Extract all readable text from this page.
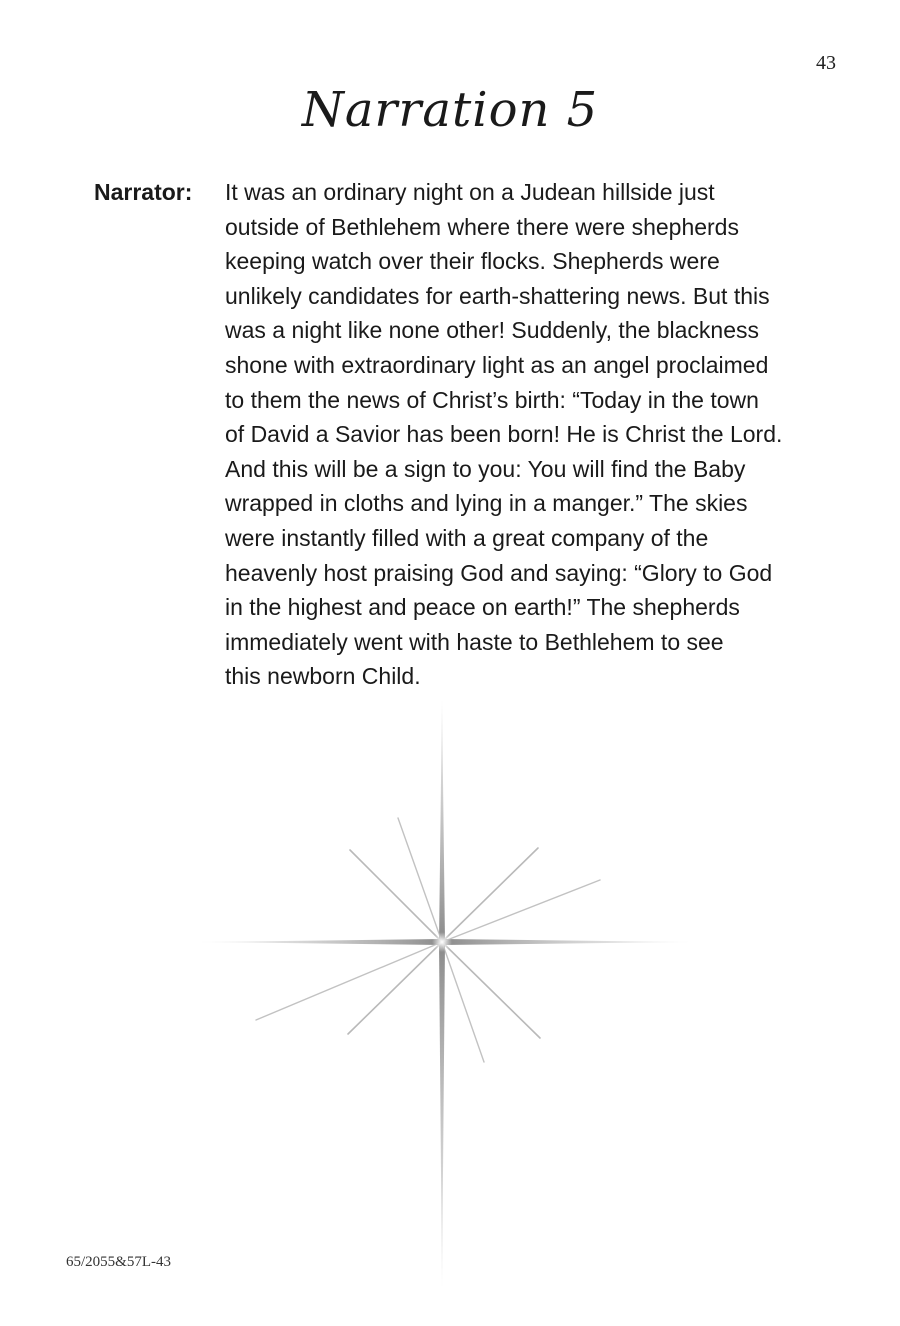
43
Narration 5
Narrator: It was an ordinary night on a Judean hillside just
outside of Bethlehem where there were shepherds
keeping watch over their flocks. Shepherds were
unlikely candidates for earth-shattering news. But this
was a night like none other! Suddenly, the blackness
shone with extraordinary light as an angel proclaimed
to them the news of Christ’s birth: “Today in the town
of David a Savior has been born! He is Christ the Lord.
And this will be a sign to you: You will find the Baby
wrapped in cloths and lying in a manger.” The skies
were instantly filled with a great company of the
heavenly host praising God and saying: “Glory to God
in the highest and peace on earth!” The shepherds
immediately went with haste to Bethlehem to see
this newborn Child.

65/2055&57L-43
